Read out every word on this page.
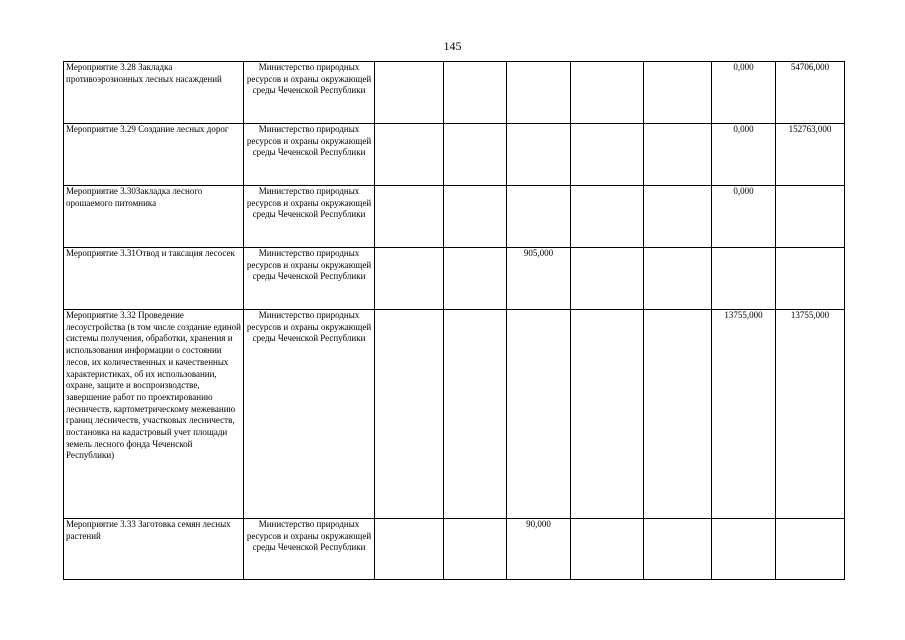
145
Мероприятие 3.28 Закладка противоэрозионных лесных насаждений	Министерство природных ресурсов и охраны окружающей среды Чеченской Республики						0,000	54706,000
Мероприятие 3.29 Создание лесных дорог	Министерство природных ресурсов и охраны окружающей среды Чеченской Республики						0,000	152763,000
Мероприятие 3.30Закладка лесного орошаемого питомника	Министерство природных ресурсов и охраны окружающей среды Чеченской Республики						0,000	
Мероприятие 3.31Отвод и таксация лесосек	Министерство природных ресурсов и охраны окружающей среды Чеченской Республики			905,000				
Мероприятие 3.32 Проведение лесоустройства (в том числе создание единой системы получения, обработки, хранения и использования информации о состоянии лесов, их количественных и качественных характеристиках, об их использовании, охране, защите и воспроизводстве, завершение работ по проектированию лесничеств, картометрическому межеванию границ лесничеств, участковых лесничеств, постановка на кадастровый учет площади земель лесного фонда Чеченской Республики)	Министерство природных ресурсов и охраны окружающей среды Чеченской Республики						13755,000	13755,000
Мероприятие 3.33 Заготовка семян лесных растений	Министерство природных ресурсов и охраны окружающей среды Чеченской Республики			90,000				
